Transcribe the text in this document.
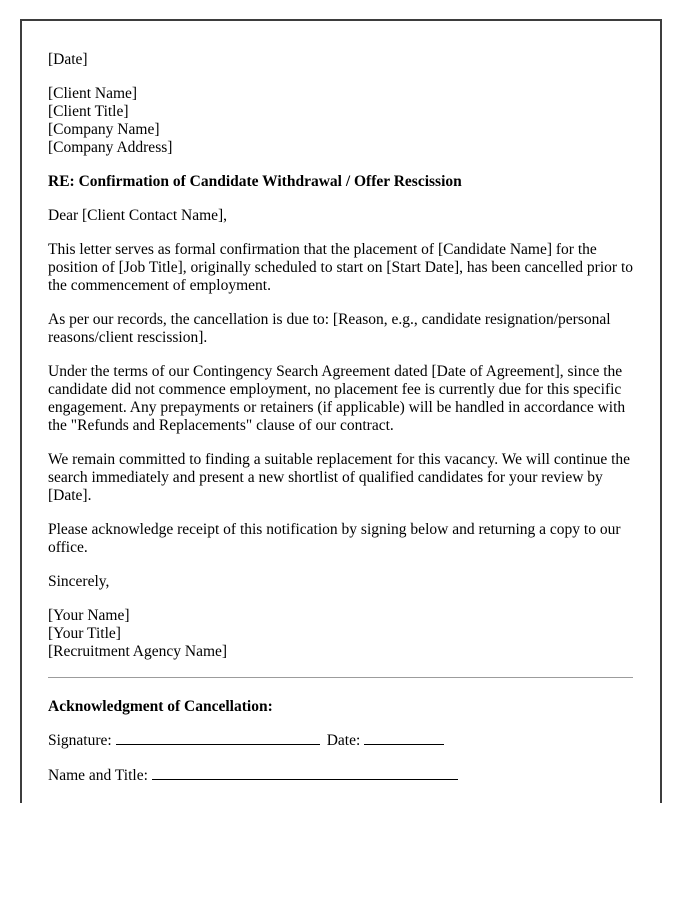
[Date]

[Client Name]
[Client Title]
[Company Name]
[Company Address]

RE: Confirmation of Candidate Withdrawal / Offer Rescission

Dear [Client Contact Name],

This letter serves as formal confirmation that the placement of [Candidate Name] for the position of [Job Title], originally scheduled to start on [Start Date], has been cancelled prior to the commencement of employment.

As per our records, the cancellation is due to: [Reason, e.g., candidate resignation/personal reasons/client rescission].

Under the terms of our Contingency Search Agreement dated [Date of Agreement], since the candidate did not commence employment, no placement fee is currently due for this specific engagement. Any prepayments or retainers (if applicable) will be handled in accordance with the "Refunds and Replacements" clause of our contract.

We remain committed to finding a suitable replacement for this vacancy. We will continue the search immediately and present a new shortlist of qualified candidates for your review by [Date].

Please acknowledge receipt of this notification by signing below and returning a copy to our office.

Sincerely,

[Your Name]
[Your Title]
[Recruitment Agency Name]

Acknowledgment of Cancellation:

Signature:	Date:

Name and Title:
